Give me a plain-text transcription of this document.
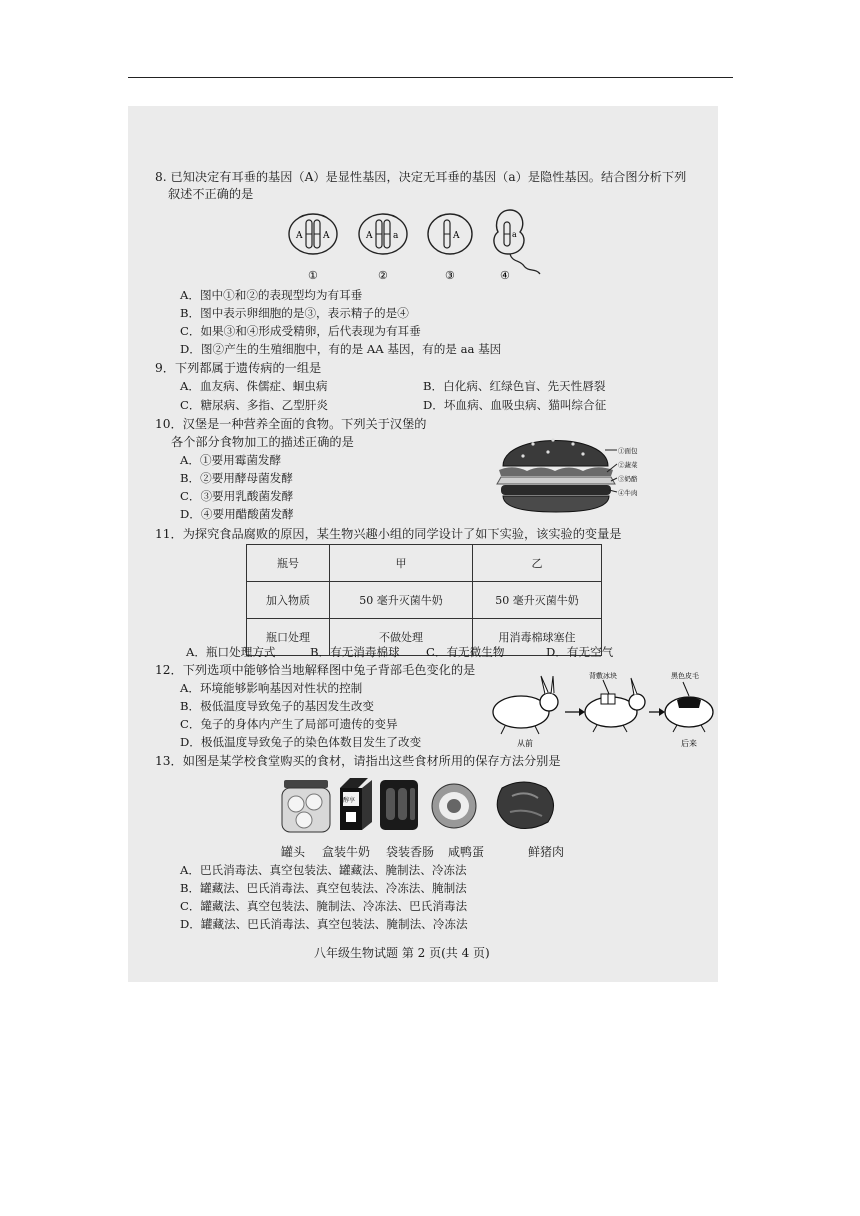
8. 已知决定有耳垂的基因（A）是显性基因，决定无耳垂的基因（a）是隐性基因。结合图分析下列
叙述不正确的是
A A
①
A a
②
A
③
a
④
A．图中①和②的表现型均为有耳垂
B．图中表示卵细胞的是③，表示精子的是④
C．如果③和④形成受精卵，后代表现为有耳垂
D．图②产生的生殖细胞中，有的是 AA 基因，有的是 aa 基因
9．下列都属于遗传病的一组是
A．血友病、侏儒症、蛔虫病	B．白化病、红绿色盲、先天性唇裂
C．糖尿病、多指、乙型肝炎	D．坏血病、血吸虫病、猫叫综合征
10．汉堡是一种营养全面的食物。下列关于汉堡的
各个部分食物加工的描述正确的是
A．①要用霉菌发酵
B．②要用酵母菌发酵
C．③要用乳酸菌发酵
D．④要用醋酸菌发酵
①面包
②蔬菜
③奶酪
④牛肉
11．为探究食品腐败的原因，某生物兴趣小组的同学设计了如下实验，该实验的变量是
瓶号	甲	乙
加入物质	50 毫升灭菌牛奶	50 毫升灭菌牛奶
瓶口处理	不做处理	用消毒棉球塞住
A．瓶口处理方式	B．有无消毒棉球 C．有无微生物	D．有无空气
12．下列选项中能够恰当地解释图中兔子背部毛色变化的是
A．环境能够影响基因对性状的控制
B．极低温度导致兔子的基因发生改变
C．兔子的身体内产生了局部可遗传的变异
D．极低温度导致兔子的染色体数目发生了改变	从前
背敷冰块	黑色皮毛
后来
13．如图是某学校食堂购买的食材，请指出这些食材所用的保存方法分别是
醇享
罐头 盒装牛奶 袋装香肠 咸鸭蛋	鲜猪肉
A．巴氏消毒法、真空包装法、罐藏法、腌制法、冷冻法
B．罐藏法、巴氏消毒法、真空包装法、冷冻法、腌制法
C．罐藏法、真空包装法、腌制法、冷冻法、巴氏消毒法
D．罐藏法、巴氏消毒法、真空包装法、腌制法、冷冻法
八年级生物试题 第 2 页(共 4 页)
